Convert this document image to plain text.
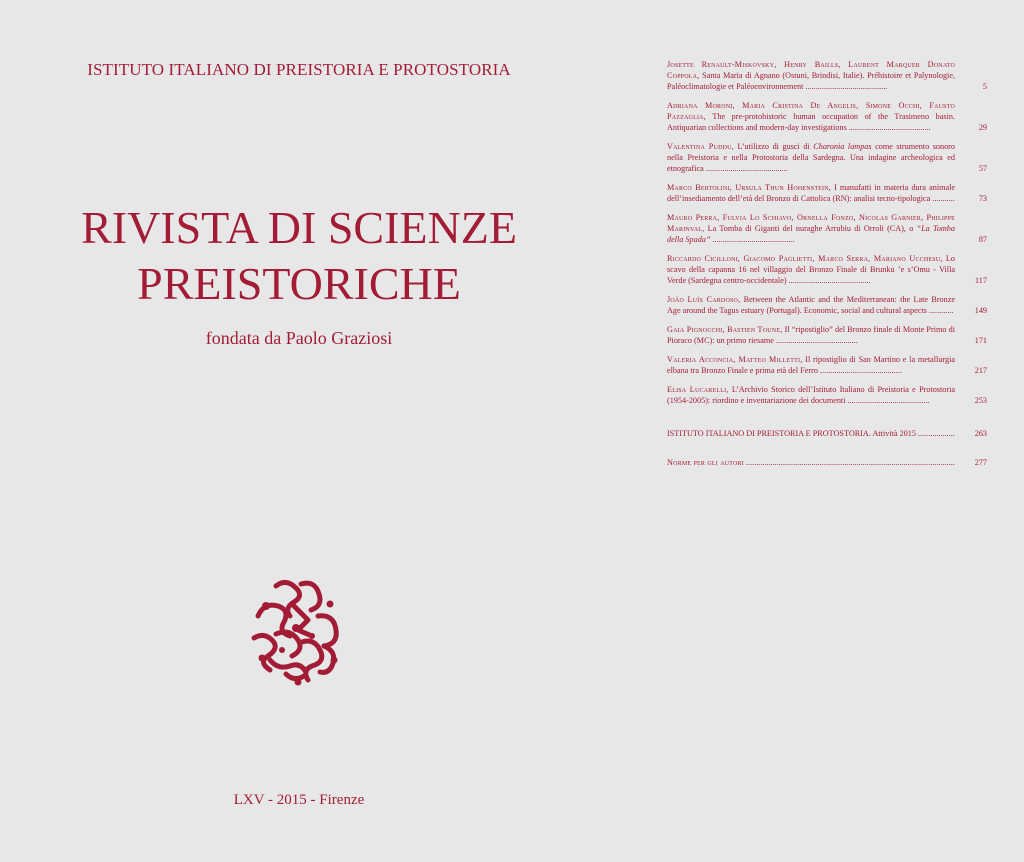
ISTITUTO ITALIANO DI PREISTORIA E PROTOSTORIA
RIVISTA DI SCIENZE
PREISTORICHE
fondata da Paolo Graziosi
LXV - 2015 - Firenze
Josette Renault-Miskovsky, Henry Baills, Laurent Marquer Donato Coppola, Santa Maria di Agnano (Ostuni, Brindisi, Italie). Préhistoire et Palynologie, Paléoclimatologie et Paléoenvironnement ........................................	5
Adriana Moroni, Maria Cristina De Angelis, Simone Occhi, Fausto Pazzaglia, The pre-protohistoric human occupation of the Trasimeno basin. Antiquarian collections and modern-day investigations ........................................	29
Valentina Puddu, L’utilizzo di gusci di Charonia lampas come strumento sonoro nella Preistoria e nella Protostoria della Sardegna. Una indagine archeologica ed etnografica ........................................	57
Marco Bertolini, Ursula Thun Hohenstein, I manufatti in materia dura animale dell’insediamento dell’età del Bronzo di Cattolica (RN): analisi tecno-tipologica ...........	73
Mauro Perra, Fulvia Lo Schiavo, Ornella Fonzo, Nicolas Garnier, Philippe Marinval, La Tomba di Giganti del nuraghe Arrubiu di Orroli (CA), o “La Tomba della Spada” ........................................	87
Riccardo Cicilloni, Giacomo Paglietti, Marco Serra, Mariano Ucchesu, Lo scavo della capanna 16 nel villaggio del Bronzo Finale di Brunku ’e s’Omu - Villa Verde (Sardegna centro-occidentale) ........................................	117
João Luís Cardoso, Between the Atlantic and the Mediterranean: the Late Bronze Age around the Tagus estuary (Portugal). Economic, social and cultural aspects ............	149
Gaia Pignocchi, Bastien Toune, Il “ripostiglio” del Bronzo finale di Monte Primo di Pioraco (MC): un primo riesame ........................................	171
Valeria Acconcia, Matteo Milletti, Il ripostiglio di San Martino e la metallurgia elbana tra Bronzo Finale e prima età del Ferro ........................................	217
Elisa Lucarelli, L’Archivio Storico dell’Istituto Italiano di Preistoria e Protostoria (1954-2005): riordino e inventariazione dei documenti ........................................	253
ISTITUTO ITALIANO DI PREISTORIA E PROTOSTORIA. Attività 2015 .................. 263
Norme per gli autori ...................................................................................................... 277
